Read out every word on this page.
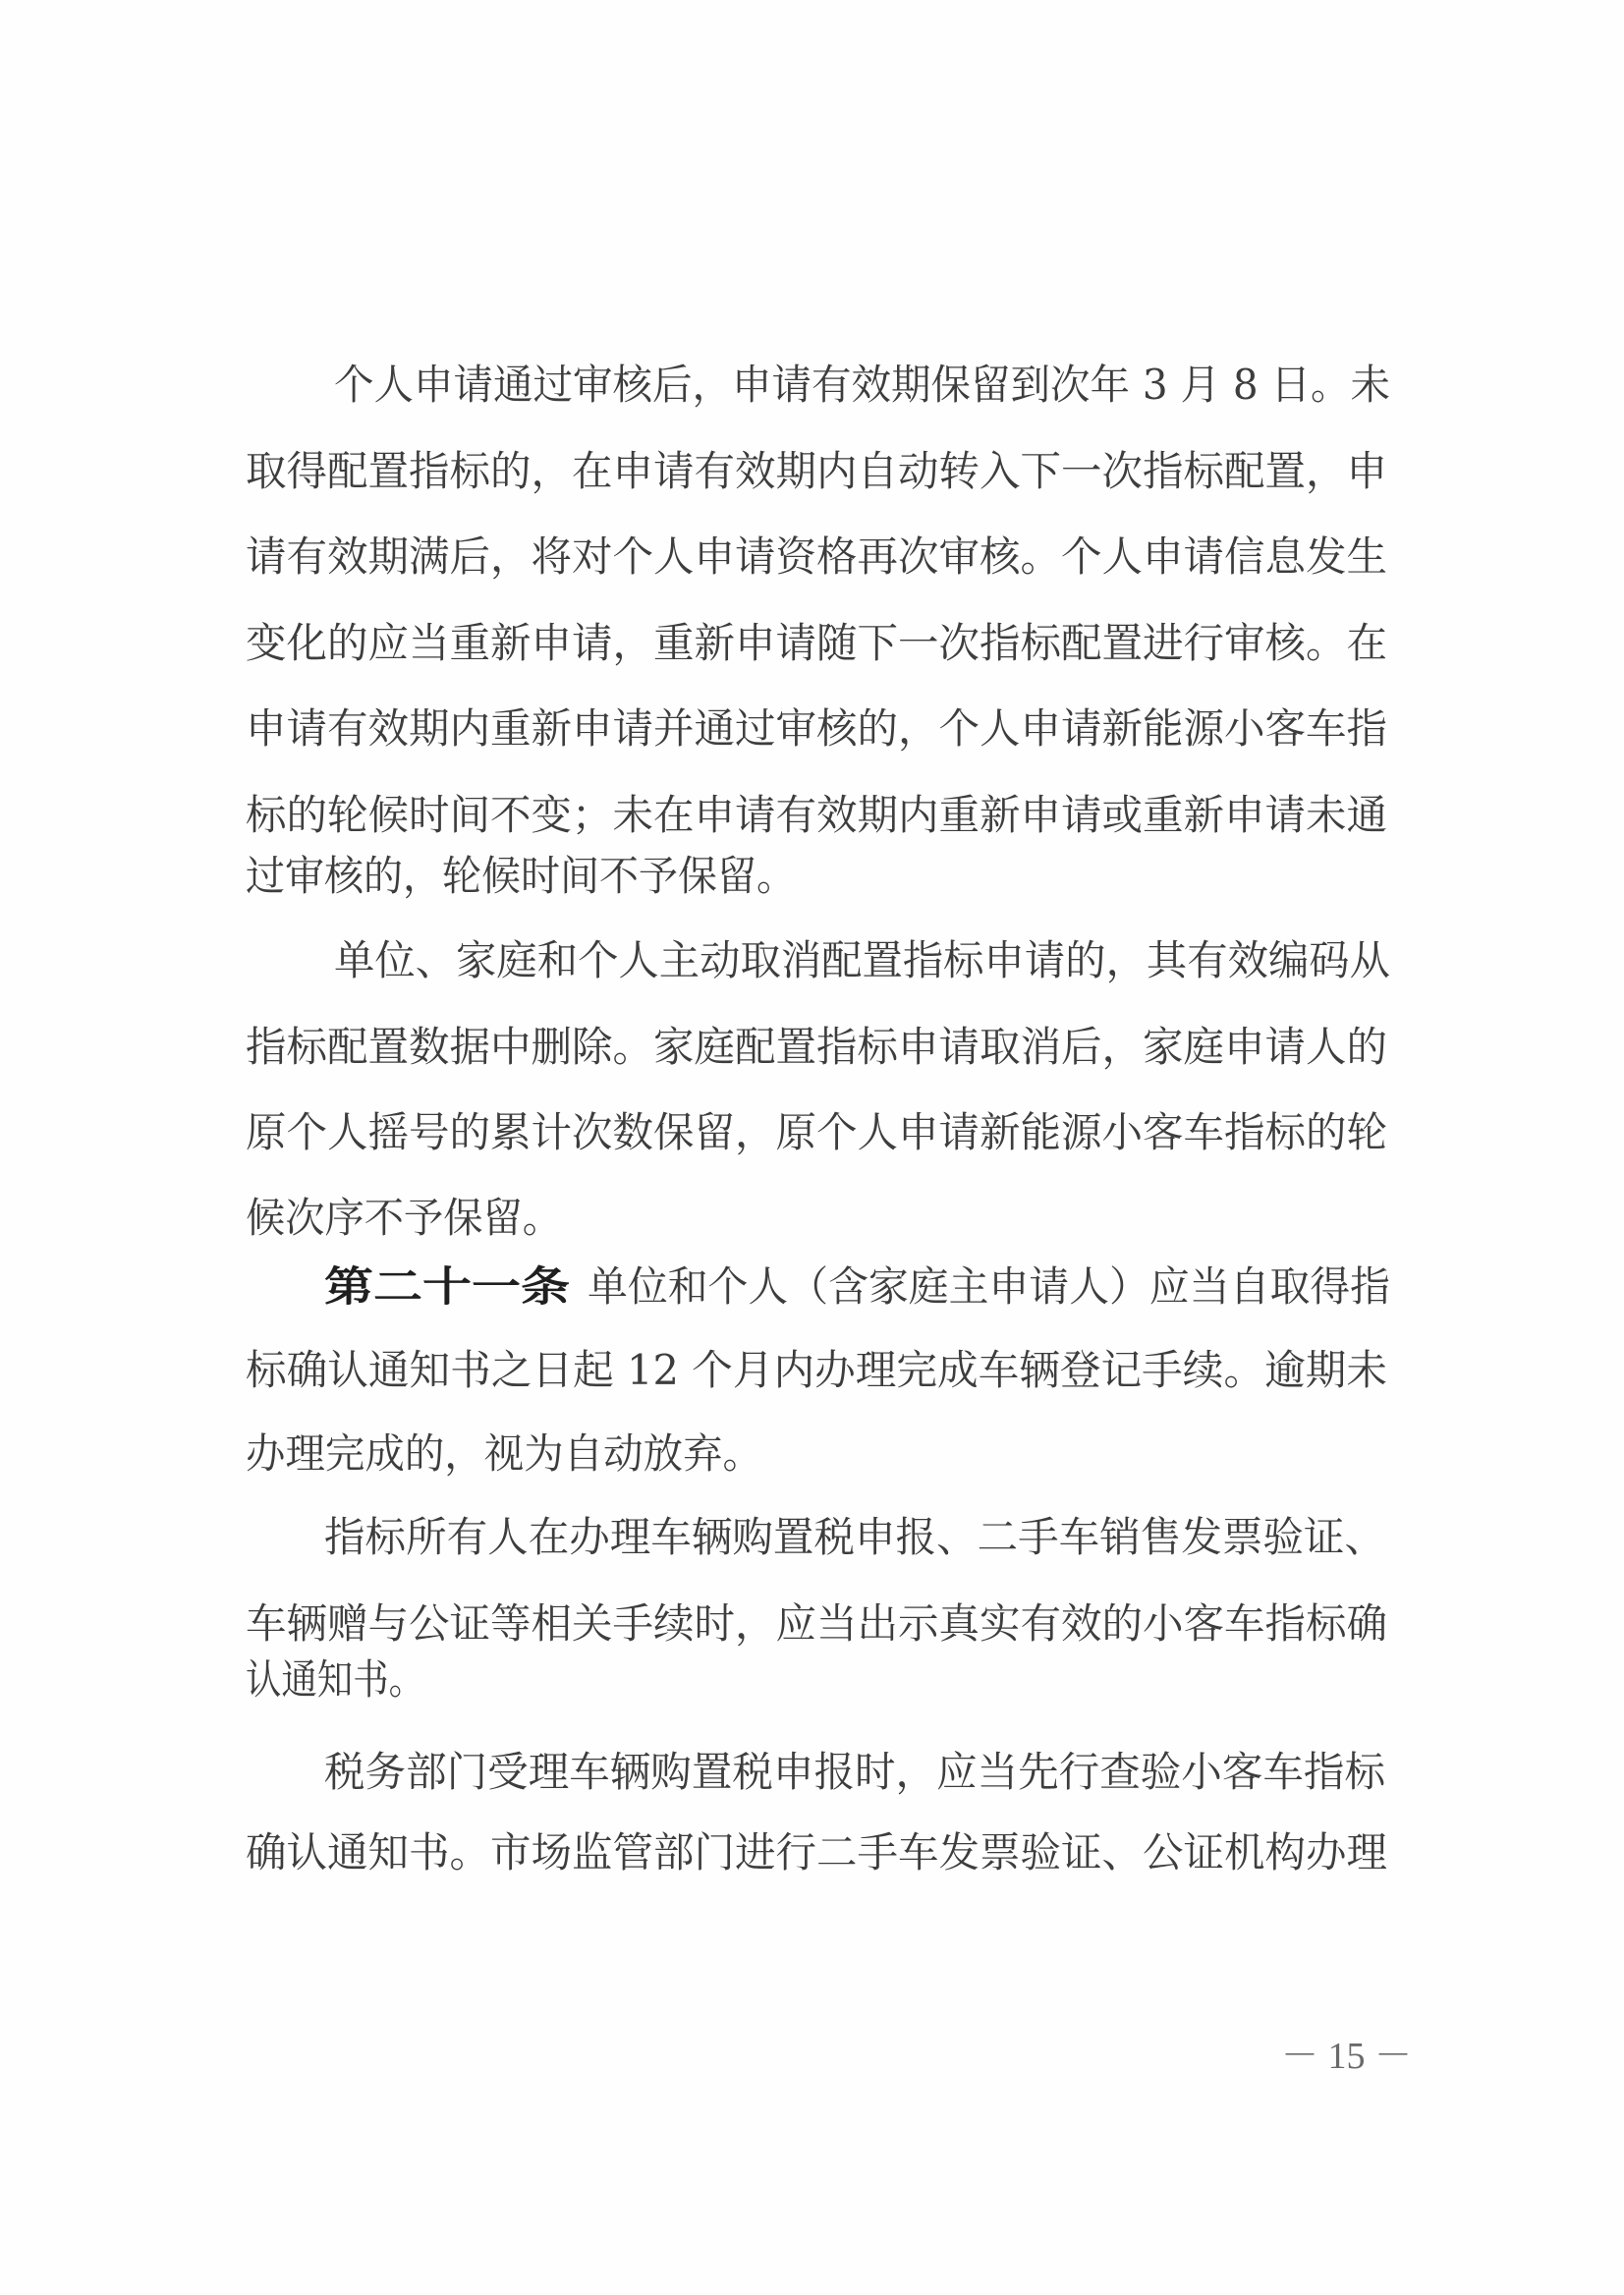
个人申请通过审核后，申请有效期保留到次年 3 月 8 日。未
取得配置指标的，在申请有效期内自动转入下一次指标配置，申
请有效期满后，将对个人申请资格再次审核。个人申请信息发生
变化的应当重新申请，重新申请随下一次指标配置进行审核。在
申请有效期内重新申请并通过审核的，个人申请新能源小客车指
标的轮候时间不变；未在申请有效期内重新申请或重新申请未通
过审核的，轮候时间不予保留。
单位、家庭和个人主动取消配置指标申请的，其有效编码从
指标配置数据中删除。家庭配置指标申请取消后，家庭申请人的
原个人摇号的累计次数保留，原个人申请新能源小客车指标的轮
候次序不予保留。
第二十一条 单位和个人（含家庭主申请人）应当自取得指
标确认通知书之日起 12 个月内办理完成车辆登记手续。逾期未
办理完成的，视为自动放弃。
指标所有人在办理车辆购置税申报、二手车销售发票验证、
车辆赠与公证等相关手续时，应当出示真实有效的小客车指标确
认通知书。
税务部门受理车辆购置税申报时，应当先行查验小客车指标
确认通知书。市场监管部门进行二手车发票验证、公证机构办理
－ 15 －
